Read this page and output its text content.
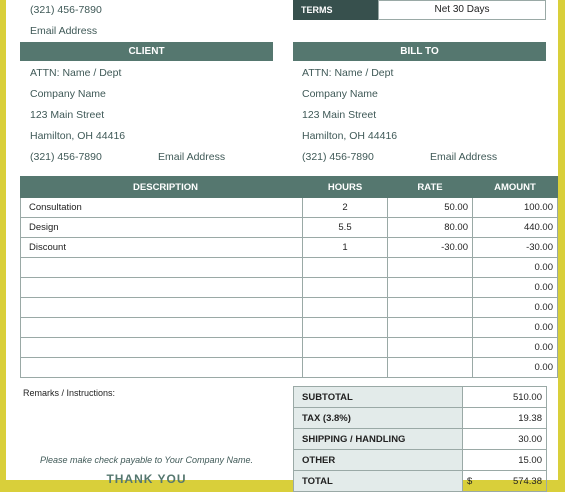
(321) 456-7890
Email Address
TERMS	Net 30 Days
CLIENT
ATTN: Name / Dept
Company Name
123 Main Street
Hamilton, OH 44416
(321) 456-7890	Email Address
BILL TO
ATTN: Name / Dept
Company Name
123 Main Street
Hamilton, OH 44416
(321) 456-7890	Email Address
DESCRIPTION	HOURS	RATE	AMOUNT
Consultation	2	50.00	100.00
Design	5.5	80.00	440.00
Discount	1	-30.00	-30.00
			0.00
			0.00
			0.00
			0.00
			0.00
			0.00
Remarks / Instructions:
Please make check payable to Your Company Name.
THANK YOU
SUBTOTAL	510.00
TAX (3.8%)	19.38
SHIPPING / HANDLING	30.00
OTHER	15.00
TOTAL	$ 574.38
